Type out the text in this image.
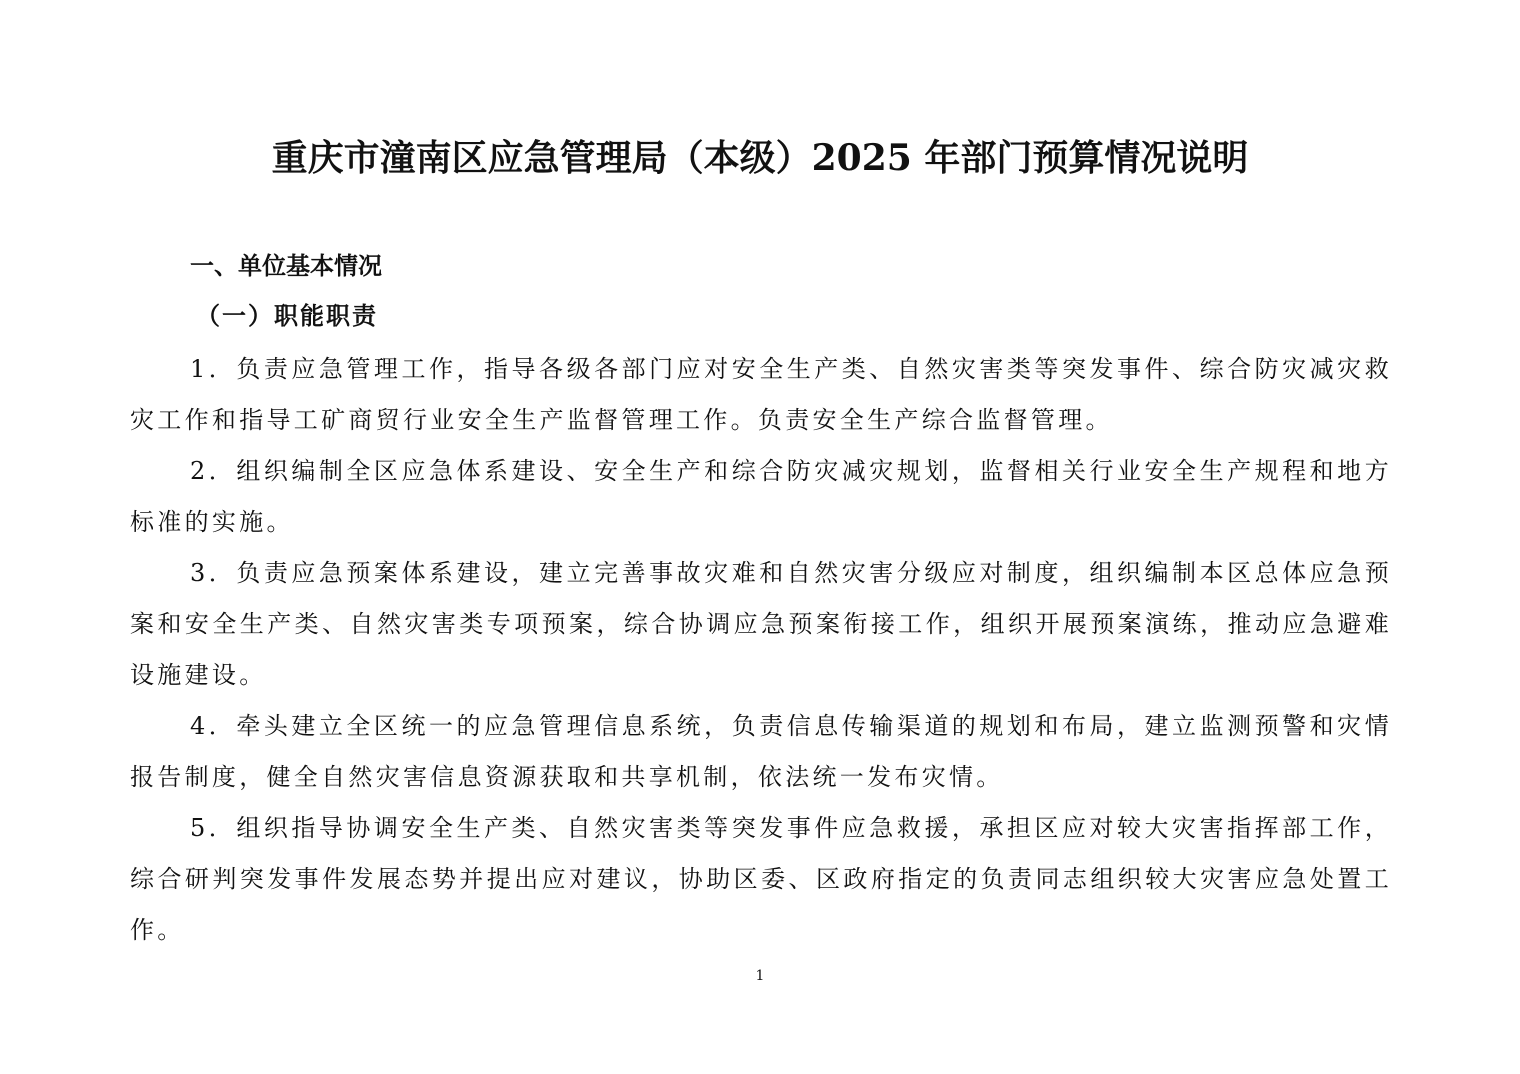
重庆市潼南区应急管理局（本级）2025 年部门预算情况说明
一、单位基本情况
（一）职能职责

1．负责应急管理工作，指导各级各部门应对安全生产类、自然灾害类等突发事件、综合防灾减灾救灾工作和指导工矿商贸行业安全生产监督管理工作。负责安全生产综合监督管理。

2．组织编制全区应急体系建设、安全生产和综合防灾减灾规划，监督相关行业安全生产规程和地方标准的实施。

3．负责应急预案体系建设，建立完善事故灾难和自然灾害分级应对制度，组织编制本区总体应急预案和安全生产类、自然灾害类专项预案，综合协调应急预案衔接工作，组织开展预案演练，推动应急避难设施建设。

4．牵头建立全区统一的应急管理信息系统，负责信息传输渠道的规划和布局，建立监测预警和灾情报告制度，健全自然灾害信息资源获取和共享机制，依法统一发布灾情。

5．组织指导协调安全生产类、自然灾害类等突发事件应急救援，承担区应对较大灾害指挥部工作，综合研判突发事件发展态势并提出应对建议，协助区委、区政府指定的负责同志组织较大灾害应急处置工作。

1
